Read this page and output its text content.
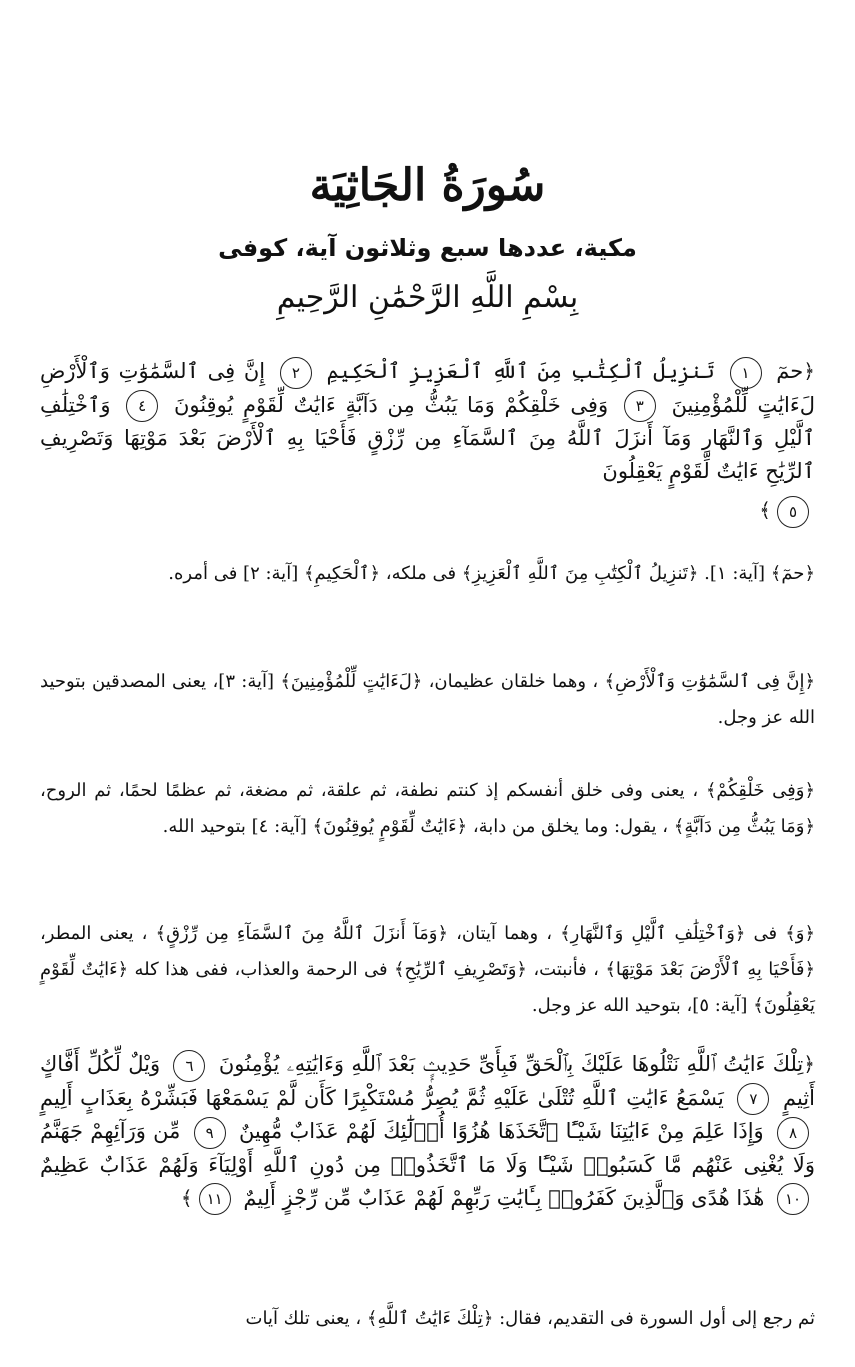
سُورَةُ الجَاثِيَة
مكية، عددها سبع وثلاثون آية، كوفى
بِسْمِ اللَّهِ الرَّحْمَٰنِ الرَّحِيمِ
﴿حمٓ ١ تَنزِيلُ ٱلْكِتَٰبِ مِنَ ٱللَّهِ ٱلْعَزِيزِ ٱلْحَكِيمِ ٢ إِنَّ فِى ٱلسَّمَٰوَٰتِ وَٱلْأَرْضِ لَءَايَٰتٍ لِّلْمُؤْمِنِينَ ٣ وَفِى خَلْقِكُمْ وَمَا يَبُثُّ مِن دَآبَّةٍ ءَايَٰتٌ لِّقَوْمٍ يُوقِنُونَ ٤ وَٱخْتِلَٰفِ ٱلَّيْلِ وَٱلنَّهَارِ وَمَآ أَنزَلَ ٱللَّهُ مِنَ ٱلسَّمَآءِ مِن رِّزْقٍ فَأَحْيَا بِهِ ٱلْأَرْضَ بَعْدَ مَوْتِهَا وَتَصْرِيفِ ٱلرِّيَٰحِ ءَايَٰتٌ لِّقَوْمٍ يَعْقِلُونَ
٥﴾

﴿حمٓ﴾ [آية: ١]. ﴿تَنزِيلُ ٱلْكِتَٰبِ مِنَ ٱللَّهِ ٱلْعَزِيزِ﴾ فى ملكه، ﴿ٱلْحَكِيمِ﴾ [آية: ٢] فى أمره.

﴿إِنَّ فِى ٱلسَّمَٰوَٰتِ وَٱلْأَرْضِ﴾ ، وهما خلقان عظيمان، ﴿لَءَايَٰتٍ لِّلْمُؤْمِنِينَ﴾ [آية: ٣]، يعنى المصدقين بتوحيد الله عز وجل.

﴿وَفِى خَلْقِكُمْ﴾ ، يعنى وفى خلق أنفسكم إذ كنتم نطفة، ثم علقة، ثم مضغة، ثم عظمًا لحمًا، ثم الروح، ﴿وَمَا يَبُثُّ مِن دَآبَّةٍ﴾ ، يقول: وما يخلق من دابة، ﴿ءَايَٰتٌ لِّقَوْمٍ يُوقِنُونَ﴾ [آية: ٤] بتوحيد الله.

﴿وَ﴾ فى ﴿وَٱخْتِلَٰفِ ٱلَّيْلِ وَٱلنَّهَارِ﴾ ، وهما آيتان، ﴿وَمَآ أَنزَلَ ٱللَّهُ مِنَ ٱلسَّمَآءِ مِن رِّزْقٍ﴾ ، يعنى المطر، ﴿فَأَحْيَا بِهِ ٱلْأَرْضَ بَعْدَ مَوْتِهَا﴾ ، فأنبتت، ﴿وَتَصْرِيفِ ٱلرِّيَٰحِ﴾ فى الرحمة والعذاب، ففى هذا كله ﴿ءَايَٰتٌ لِّقَوْمٍ يَعْقِلُونَ﴾ [آية: ٥]، بتوحيد الله عز وجل.

﴿تِلْكَ ءَايَٰتُ ٱللَّهِ نَتْلُوهَا عَلَيْكَ بِٱلْحَقِّ فَبِأَىِّ حَدِيثٍۭ بَعْدَ ٱللَّهِ وَءَايَٰتِهِۦ يُؤْمِنُونَ ٦ وَيْلٌ لِّكُلِّ أَفَّاكٍ أَثِيمٍ ٧ يَسْمَعُ ءَايَٰتِ ٱللَّهِ تُتْلَىٰ عَلَيْهِ ثُمَّ يُصِرُّ مُسْتَكْبِرًا كَأَن لَّمْ يَسْمَعْهَا فَبَشِّرْهُ بِعَذَابٍ أَلِيمٍ ٨ وَإِذَا عَلِمَ مِنْ ءَايَٰتِنَا شَيْـًٔا ٱتَّخَذَهَا هُزُوًا أُو۟لَٰٓئِكَ لَهُمْ عَذَابٌ مُّهِينٌ ٩ مِّن وَرَآئِهِمْ جَهَنَّمُ وَلَا يُغْنِى عَنْهُم مَّا كَسَبُوا۟ شَيْـًٔا وَلَا مَا ٱتَّخَذُوا۟ مِن دُونِ ٱللَّهِ أَوْلِيَآءَ وَلَهُمْ عَذَابٌ عَظِيمٌ ١٠ هَٰذَا هُدًى وَٱلَّذِينَ كَفَرُوا۟ بِـَٔايَٰتِ رَبِّهِمْ لَهُمْ عَذَابٌ مِّن رِّجْزٍ أَلِيمٌ ١١﴾

ثم رجع إلى أول السورة فى التقديم، فقال: ﴿تِلْكَ ءَايَٰتُ ٱللَّهِ﴾ ، يعنى تلك آيات
